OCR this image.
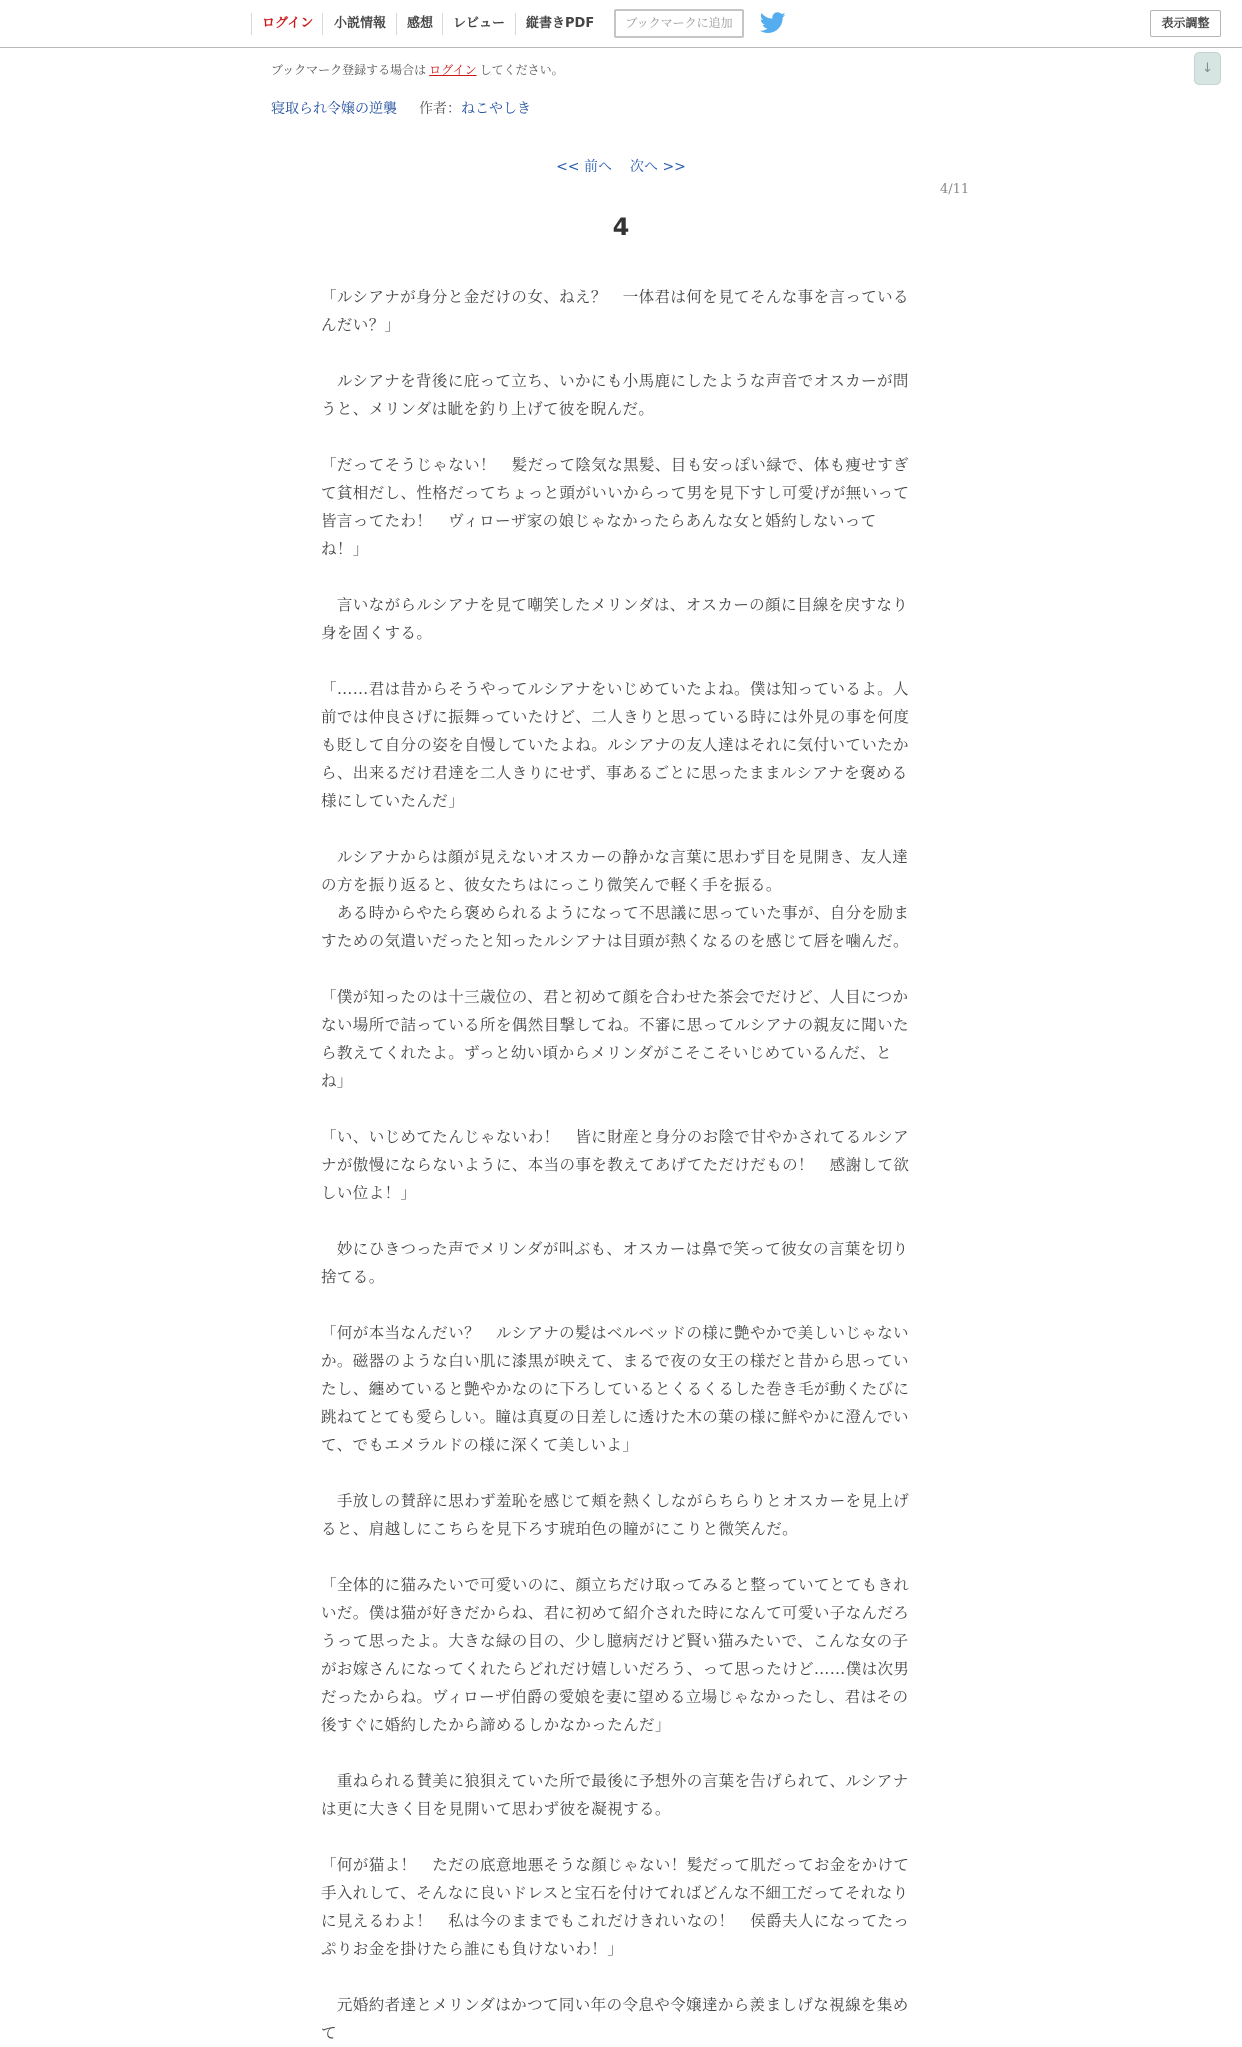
ログイン 小説情報 感想 レビュー 縦書きPDF	ブックマークに追加	表示調整
↓
ブックマーク登録する場合は ログイン してください。
寝取られ令嬢の逆襲 作者：ねこやしき
<< 前へ 次へ >>
4/11
4

「ルシアナが身分と金だけの女、ねえ？　一体君は何を見てそんな事を言っている

んだい？」

　ルシアナを背後に庇って立ち、いかにも小馬鹿にしたような声音でオスカーが問

うと、メリンダは眦を釣り上げて彼を睨んだ。

「だってそうじゃない！　髪だって陰気な黒髪、目も安っぽい緑で、体も痩せすぎ

て貧相だし、性格だってちょっと頭がいいからって男を見下すし可愛げが無いって

皆言ってたわ！　ヴィローザ家の娘じゃなかったらあんな女と婚約しないって

ね！」

　言いながらルシアナを見て嘲笑したメリンダは、オスカーの顔に目線を戻すなり

身を固くする。

「……君は昔からそうやってルシアナをいじめていたよね。僕は知っているよ。人

前では仲良さげに振舞っていたけど、二人きりと思っている時には外見の事を何度

も貶して自分の姿を自慢していたよね。ルシアナの友人達はそれに気付いていたか

ら、出来るだけ君達を二人きりにせず、事あるごとに思ったままルシアナを褒める

様にしていたんだ」

　ルシアナからは顔が見えないオスカーの静かな言葉に思わず目を見開き、友人達

の方を振り返ると、彼女たちはにっこり微笑んで軽く手を振る。

　ある時からやたら褒められるようになって不思議に思っていた事が、自分を励ま

すための気遣いだったと知ったルシアナは目頭が熱くなるのを感じて唇を噛んだ。

「僕が知ったのは十三歳位の、君と初めて顔を合わせた茶会でだけど、人目につか

ない場所で詰っている所を偶然目撃してね。不審に思ってルシアナの親友に聞いた

ら教えてくれたよ。ずっと幼い頃からメリンダがこそこそいじめているんだ、と

ね」

「い、いじめてたんじゃないわ！　皆に財産と身分のお陰で甘やかされてるルシア

ナが傲慢にならないように、本当の事を教えてあげてただけだもの！　感謝して欲

しい位よ！」

　妙にひきつった声でメリンダが叫ぶも、オスカーは鼻で笑って彼女の言葉を切り

捨てる。

「何が本当なんだい？　ルシアナの髪はベルベッドの様に艶やかで美しいじゃない

か。磁器のような白い肌に漆黒が映えて、まるで夜の女王の様だと昔から思ってい

たし、纏めていると艶やかなのに下ろしているとくるくるした巻き毛が動くたびに

跳ねてとても愛らしい。瞳は真夏の日差しに透けた木の葉の様に鮮やかに澄んでい

て、でもエメラルドの様に深くて美しいよ」

　手放しの賛辞に思わず羞恥を感じて頬を熱くしながらちらりとオスカーを見上げ

ると、肩越しにこちらを見下ろす琥珀色の瞳がにこりと微笑んだ。

「全体的に猫みたいで可愛いのに、顔立ちだけ取ってみると整っていてとてもきれ

いだ。僕は猫が好きだからね、君に初めて紹介された時になんて可愛い子なんだろ

うって思ったよ。大きな緑の目の、少し臆病だけど賢い猫みたいで、こんな女の子

がお嫁さんになってくれたらどれだけ嬉しいだろう、って思ったけど……僕は次男

だったからね。ヴィローザ伯爵の愛娘を妻に望める立場じゃなかったし、君はその

後すぐに婚約したから諦めるしかなかったんだ」

　重ねられる賛美に狼狽えていた所で最後に予想外の言葉を告げられて、ルシアナ

は更に大きく目を見開いて思わず彼を凝視する。

「何が猫よ！　ただの底意地悪そうな顔じゃない！髪だって肌だってお金をかけて

手入れして、そんなに良いドレスと宝石を付けてればどんな不細工だってそれなり

に見えるわよ！　私は今のままでもこれだけきれいなの！　侯爵夫人になってたっ

ぷりお金を掛けたら誰にも負けないわ！」

　元婚約者達とメリンダはかつて同い年の令息や令嬢達から羨ましげな視線を集めて
